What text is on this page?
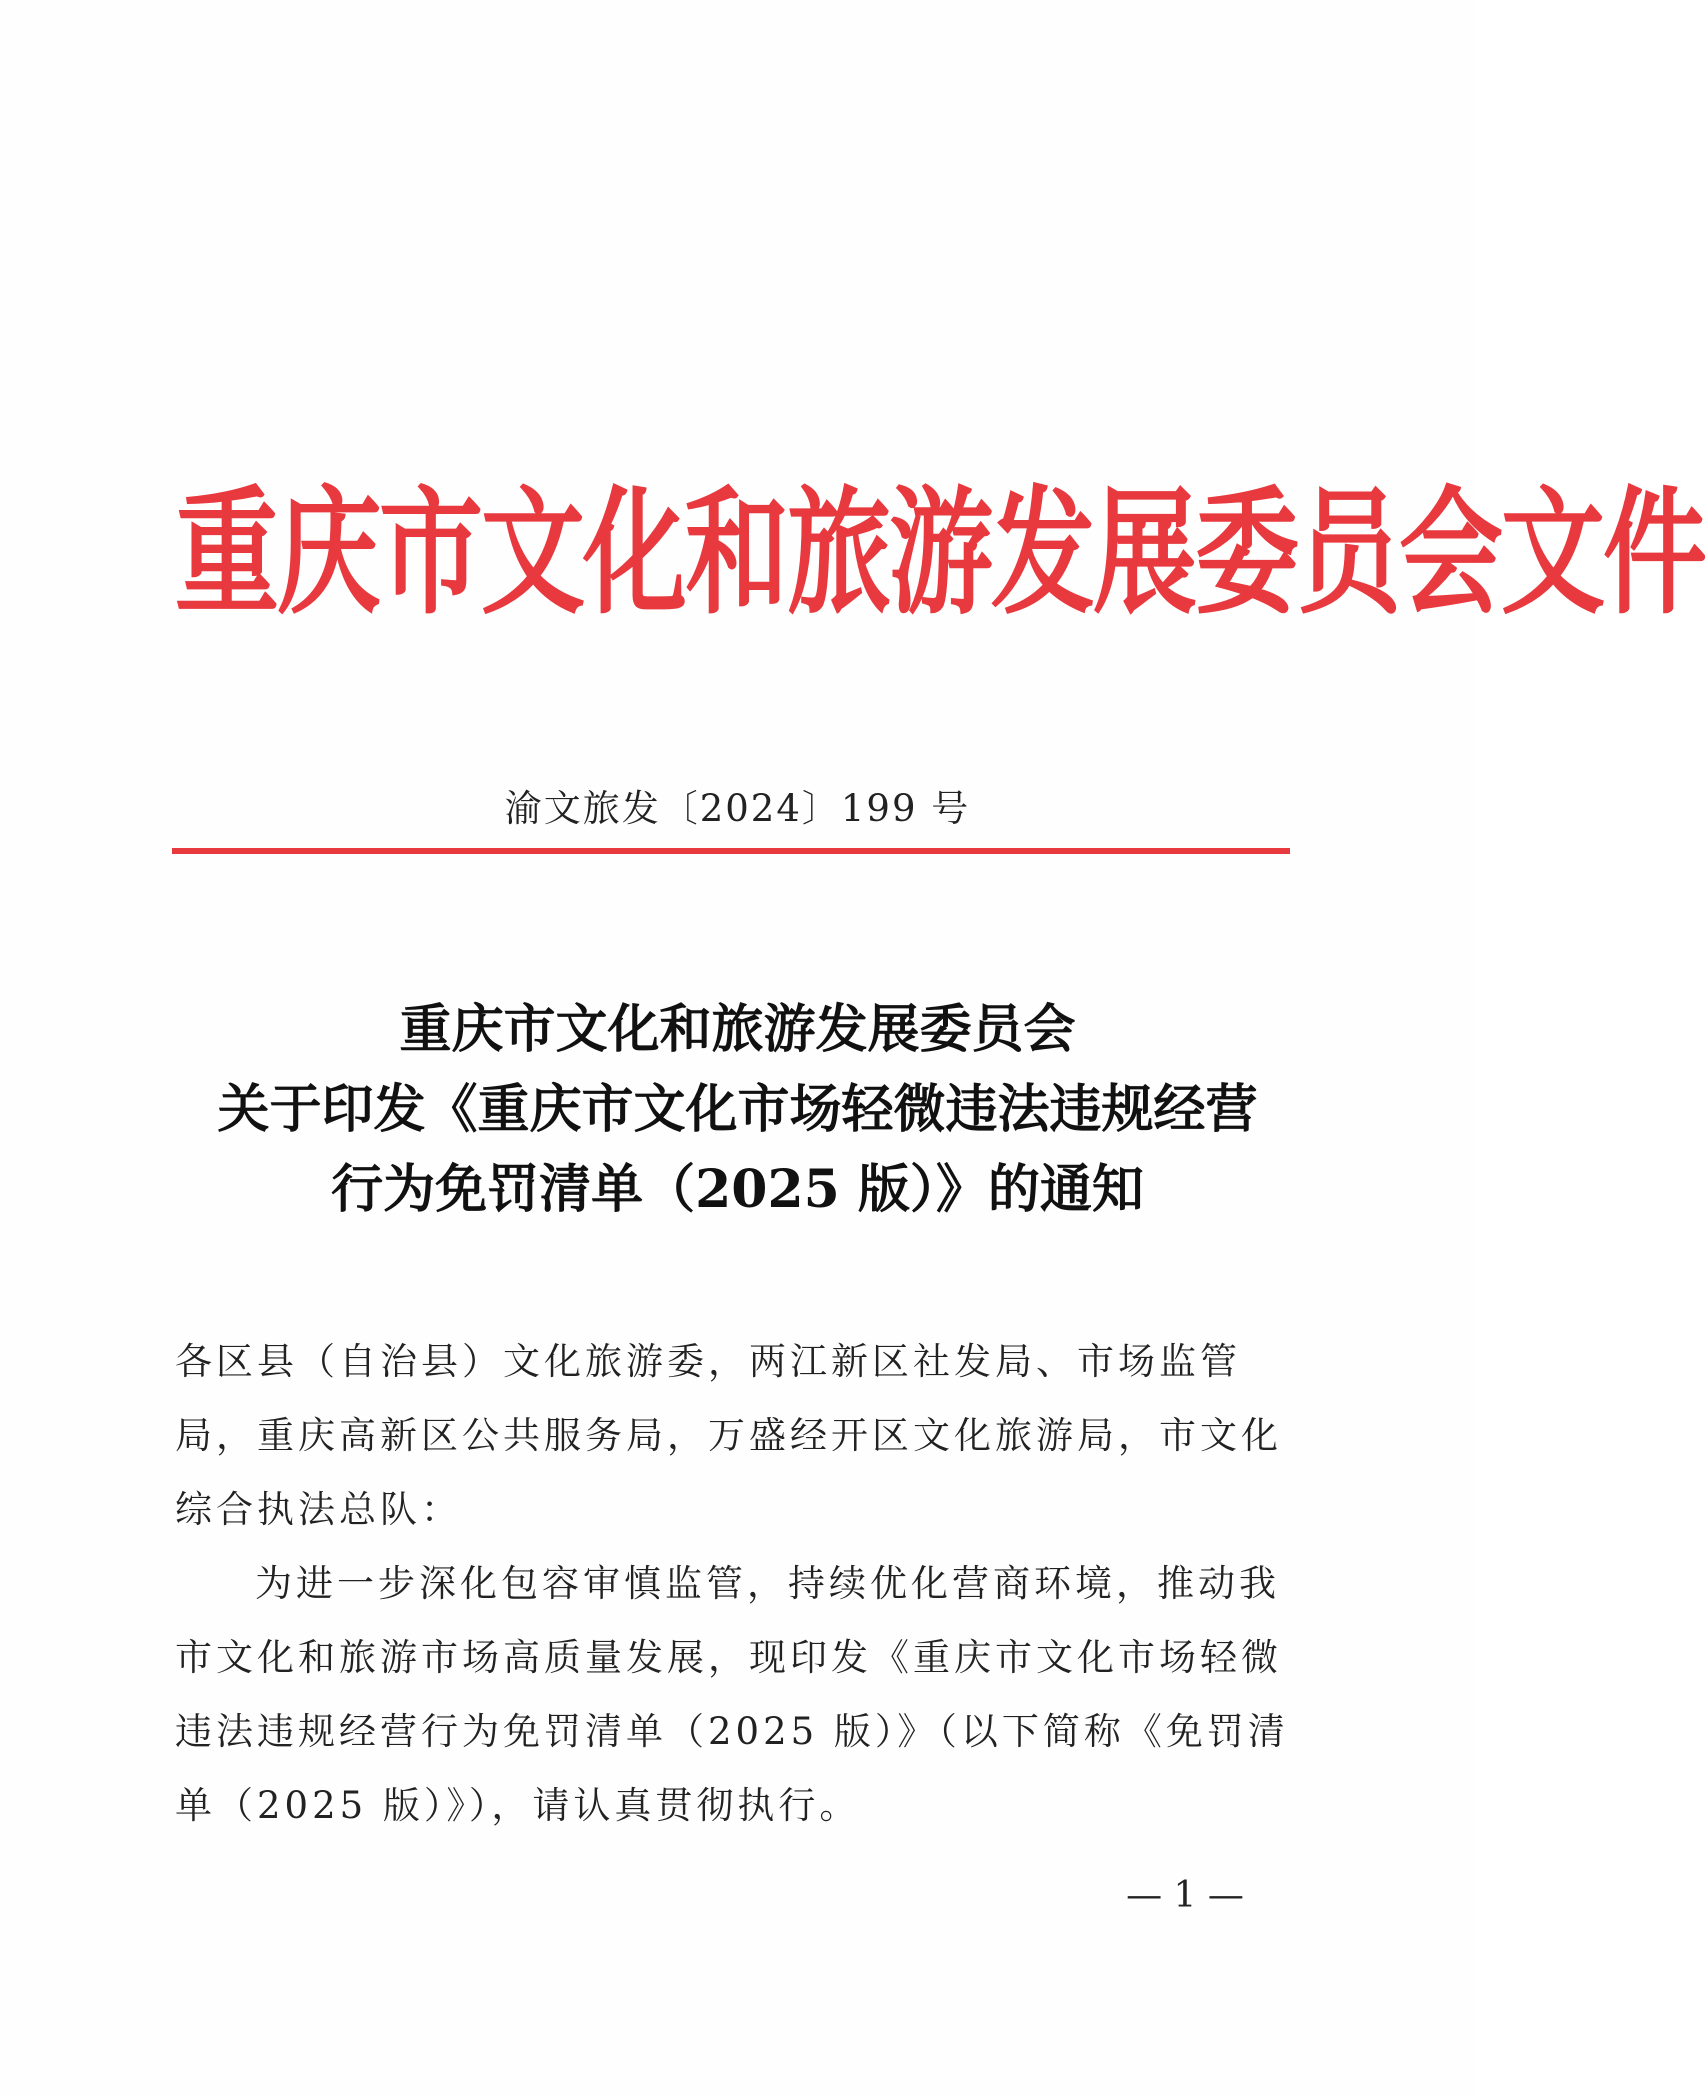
重庆市文化和旅游发展委员会文件
渝文旅发〔2024〕199 号
重庆市文化和旅游发展委员会
关于印发《重庆市文化市场轻微违法违规经营
行为免罚清单（2025 版）》的通知
各区县（自治县）文化旅游委，两江新区社发局、市场监管局，重庆高新区公共服务局，万盛经开区文化旅游局，市文化综合执法总队：
为进一步深化包容审慎监管，持续优化营商环境，推动我市文化和旅游市场高质量发展，现印发《重庆市文化市场轻微违法违规经营行为免罚清单（2025 版）》（以下简称《免罚清单（2025 版）》），请认真贯彻执行。
— 1 —
